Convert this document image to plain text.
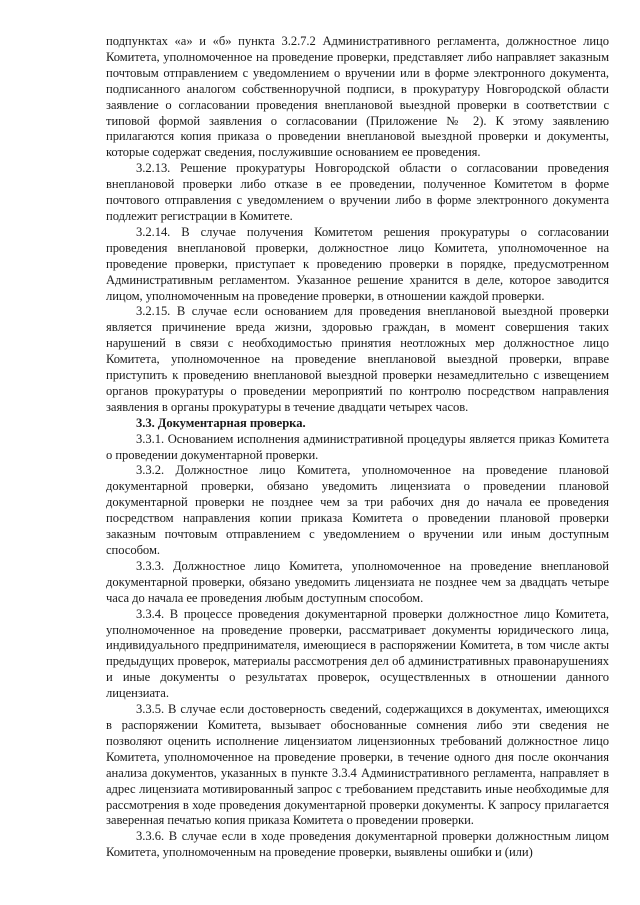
подпунктах «а» и «б» пункта 3.2.7.2 Административного регламента, должностное лицо Комитета, уполномоченное на проведение проверки, представляет либо направляет заказным почтовым отправлением с уведомлением о вручении или в форме электронного документа, подписанного аналогом собственноручной подписи, в прокуратуру Новгородской области заявление о согласовании проведения внеплановой выездной проверки в соответствии с типовой формой заявления о согласовании (Приложение № 2). К этому заявлению прилагаются копия приказа о проведении внеплановой выездной проверки и документы, которые содержат сведения, послужившие основанием ее проведения.

3.2.13. Решение прокуратуры Новгородской области о согласовании проведения внеплановой проверки либо отказе в ее проведении, полученное Комитетом в форме почтового отправления с уведомлением о вручении либо в форме электронного документа подлежит регистрации в Комитете.

3.2.14. В случае получения Комитетом решения прокуратуры о согласовании проведения внеплановой проверки, должностное лицо Комитета, уполномоченное на проведение проверки, приступает к проведению проверки в порядке, предусмотренном Административным регламентом. Указанное решение хранится в деле, которое заводится лицом, уполномоченным на проведение проверки, в отношении каждой проверки.

3.2.15. В случае если основанием для проведения внеплановой выездной проверки является причинение вреда жизни, здоровью граждан, в момент совершения таких нарушений в связи с необходимостью принятия неотложных мер должностное лицо Комитета, уполномоченное на проведение внеплановой выездной проверки, вправе приступить к проведению внеплановой выездной проверки незамедлительно с извещением органов прокуратуры о проведении мероприятий по контролю посредством направления заявления в органы прокуратуры в течение двадцати четырех часов.

3.3. Документарная проверка.

3.3.1. Основанием исполнения административной процедуры является приказ Комитета о проведении документарной проверки.

3.3.2. Должностное лицо Комитета, уполномоченное на проведение плановой документарной проверки, обязано уведомить лицензиата о проведении плановой документарной проверки не позднее чем за три рабочих дня до начала ее проведения посредством направления копии приказа Комитета о проведении плановой проверки заказным почтовым отправлением с уведомлением о вручении или иным доступным способом.

3.3.3. Должностное лицо Комитета, уполномоченное на проведение внеплановой документарной проверки, обязано уведомить лицензиата не позднее чем за двадцать четыре часа до начала ее проведения любым доступным способом.

3.3.4. В процессе проведения документарной проверки должностное лицо Комитета, уполномоченное на проведение проверки, рассматривает документы юридического лица, индивидуального предпринимателя, имеющиеся в распоряжении Комитета, в том числе акты предыдущих проверок, материалы рассмотрения дел об административных правонарушениях и иные документы о результатах проверок, осуществленных в отношении данного лицензиата.

3.3.5. В случае если достоверность сведений, содержащихся в документах, имеющихся в распоряжении Комитета, вызывает обоснованные сомнения либо эти сведения не позволяют оценить исполнение лицензиатом лицензионных требований должностное лицо Комитета, уполномоченное на проведение проверки, в течение одного дня после окончания анализа документов, указанных в пункте 3.3.4 Административного регламента, направляет в адрес лицензиата мотивированный запрос с требованием представить иные необходимые для рассмотрения в ходе проведения документарной проверки документы. К запросу прилагается заверенная печатью копия приказа Комитета о проведении проверки.

3.3.6. В случае если в ходе проведения документарной проверки должностным лицом Комитета, уполномоченным на проведение проверки, выявлены ошибки и (или)
